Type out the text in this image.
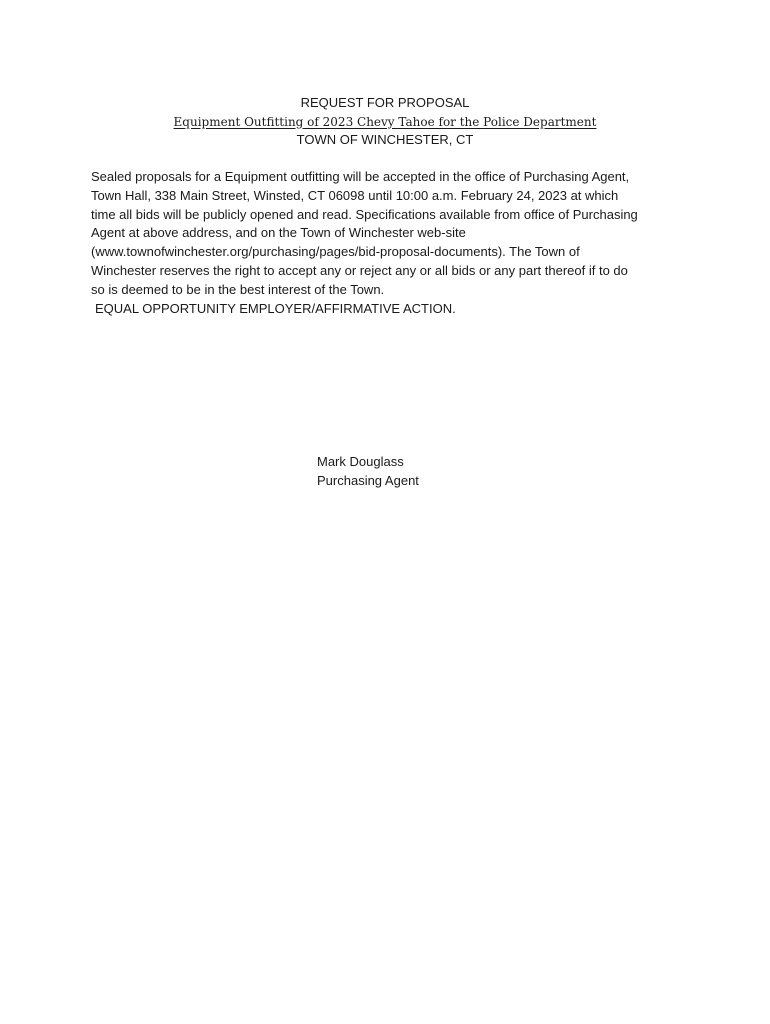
REQUEST FOR PROPOSAL
Equipment Outfitting of 2023 Chevy Tahoe for the Police Department
TOWN OF WINCHESTER, CT
Sealed proposals for a Equipment outfitting will be accepted in the office of Purchasing Agent,
Town Hall, 338 Main Street, Winsted, CT 06098 until 10:00 a.m. February 24, 2023 at which
time all bids will be publicly opened and read. Specifications available from office of Purchasing
Agent at above address, and on the Town of Winchester web-site
(www.townofwinchester.org/purchasing/pages/bid-proposal-documents). The Town of
Winchester reserves the right to accept any or reject any or all bids or any part thereof if to do
so is deemed to be in the best interest of the Town.
EQUAL OPPORTUNITY EMPLOYER/AFFIRMATIVE ACTION.
Mark Douglass
Purchasing Agent
